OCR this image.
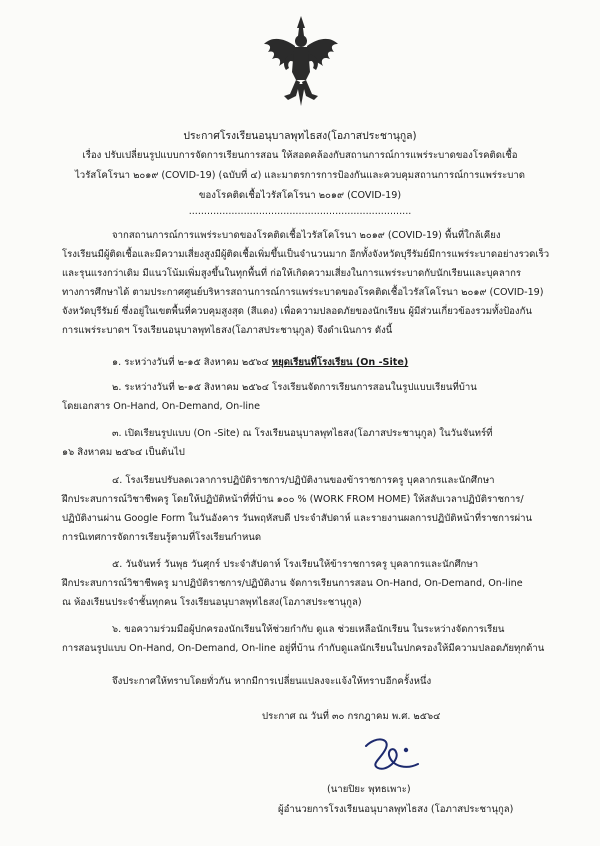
ประกาศโรงเรียนอนุบาลพุทไธสง(โอภาสประชานุกูล)
เรื่อง ปรับเปลี่ยนรูปแบบการจัดการเรียนการสอน ให้สอดคล้องกับสถานการณ์การแพร่ระบาดของโรคติดเชื้อ
ไวรัสโคโรนา ๒๐๑๙ (COVID-19) (ฉบับที่ ๔) และมาตรการการป้องกันและควบคุมสถานการณ์การแพร่ระบาด
ของโรคติดเชื้อไวรัสโคโรนา ๒๐๑๙ (COVID-19)
.........................................................................
จากสถานการณ์การแพร่ระบาดของโรคติดเชื้อไวรัสโคโรนา ๒๐๑๙ (COVID-19) พื้นที่ใกล้เคียง
โรงเรียนมีผู้ติดเชื้อและมีความเสี่ยงสูงมีผู้ติดเชื้อเพิ่มขึ้นเป็นจำนวนมาก อีกทั้งจังหวัดบุรีรัมย์มีการแพร่ระบาดอย่างรวดเร็ว
และรุนแรงกว่าเดิม มีแนวโน้มเพิ่มสูงขึ้นในทุกพื้นที่ ก่อให้เกิดความเสี่ยงในการแพร่ระบาดกับนักเรียนและบุคลากร
ทางการศึกษาได้ ตามประกาศศูนย์บริหารสถานการณ์การแพร่ระบาดของโรคติดเชื้อไวรัสโคโรนา ๒๐๑๙ (COVID-19)
จังหวัดบุรีรัมย์ ซึ่งอยู่ในเขตพื้นที่ควบคุมสูงสุด (สีแดง) เพื่อความปลอดภัยของนักเรียน ผู้มีส่วนเกี่ยวข้องรวมทั้งป้องกัน
การแพร่ระบาดฯ โรงเรียนอนุบาลพุทไธสง(โอภาสประชานุกูล) จึงดำเนินการ ดังนี้
๑. ระหว่างวันที่ ๒-๑๕ สิงหาคม ๒๕๖๔ หยุดเรียนที่โรงเรียน (On -Site)
๒. ระหว่างวันที่ ๒-๑๕ สิงหาคม ๒๕๖๔ โรงเรียนจัดการเรียนการสอนในรูปแบบเรียนที่บ้าน
โดยเอกสาร On-Hand, On-Demand, On-line
๓. เปิดเรียนรูปแบบ (On -Site) ณ โรงเรียนอนุบาลพุทไธสง(โอภาสประชานุกูล) ในวันจันทร์ที่
๑๖ สิงหาคม ๒๕๖๔ เป็นต้นไป
๔. โรงเรียนปรับลดเวลาการปฏิบัติราชการ/ปฏิบัติงานของข้าราชการครู บุคลากรและนักศึกษา
ฝึกประสบการณ์วิชาชีพครู โดยให้ปฏิบัติหน้าที่ที่บ้าน ๑๐๐ % (WORK FROM HOME) ให้สลับเวลาปฏิบัติราชการ/
ปฏิบัติงานผ่าน Google Form ในวันอังคาร วันพฤหัสบดี ประจำสัปดาห์ และรายงานผลการปฏิบัติหน้าที่ราชการผ่าน
การนิเทศการจัดการเรียนรู้ตามที่โรงเรียนกำหนด
๕. วันจันทร์ วันพุธ วันศุกร์ ประจำสัปดาห์ โรงเรียนให้ข้าราชการครู บุคลากรและนักศึกษา
ฝึกประสบการณ์วิชาชีพครู มาปฏิบัติราชการ/ปฏิบัติงาน จัดการเรียนการสอน On-Hand, On-Demand, On-line
ณ ห้องเรียนประจำชั้นทุกคน โรงเรียนอนุบาลพุทไธสง(โอภาสประชานุกูล)
๖. ขอความร่วมมือผู้ปกครองนักเรียนให้ช่วยกำกับ ดูแล ช่วยเหลือนักเรียน ในระหว่างจัดการเรียน
การสอนรูปแบบ On-Hand, On-Demand, On-line อยู่ที่บ้าน กำกับดูแลนักเรียนในปกครองให้มีความปลอดภัยทุกด้าน
จึงประกาศให้ทราบโดยทั่วกัน หากมีการเปลี่ยนแปลงจะแจ้งให้ทราบอีกครั้งหนึ่ง
ประกาศ ณ วันที่ ๓๐ กรกฎาคม พ.ศ. ๒๕๖๔
(นายปิยะ พุทธเพาะ)
ผู้อำนวยการโรงเรียนอนุบาลพุทไธสง (โอภาสประชานุกูล)
